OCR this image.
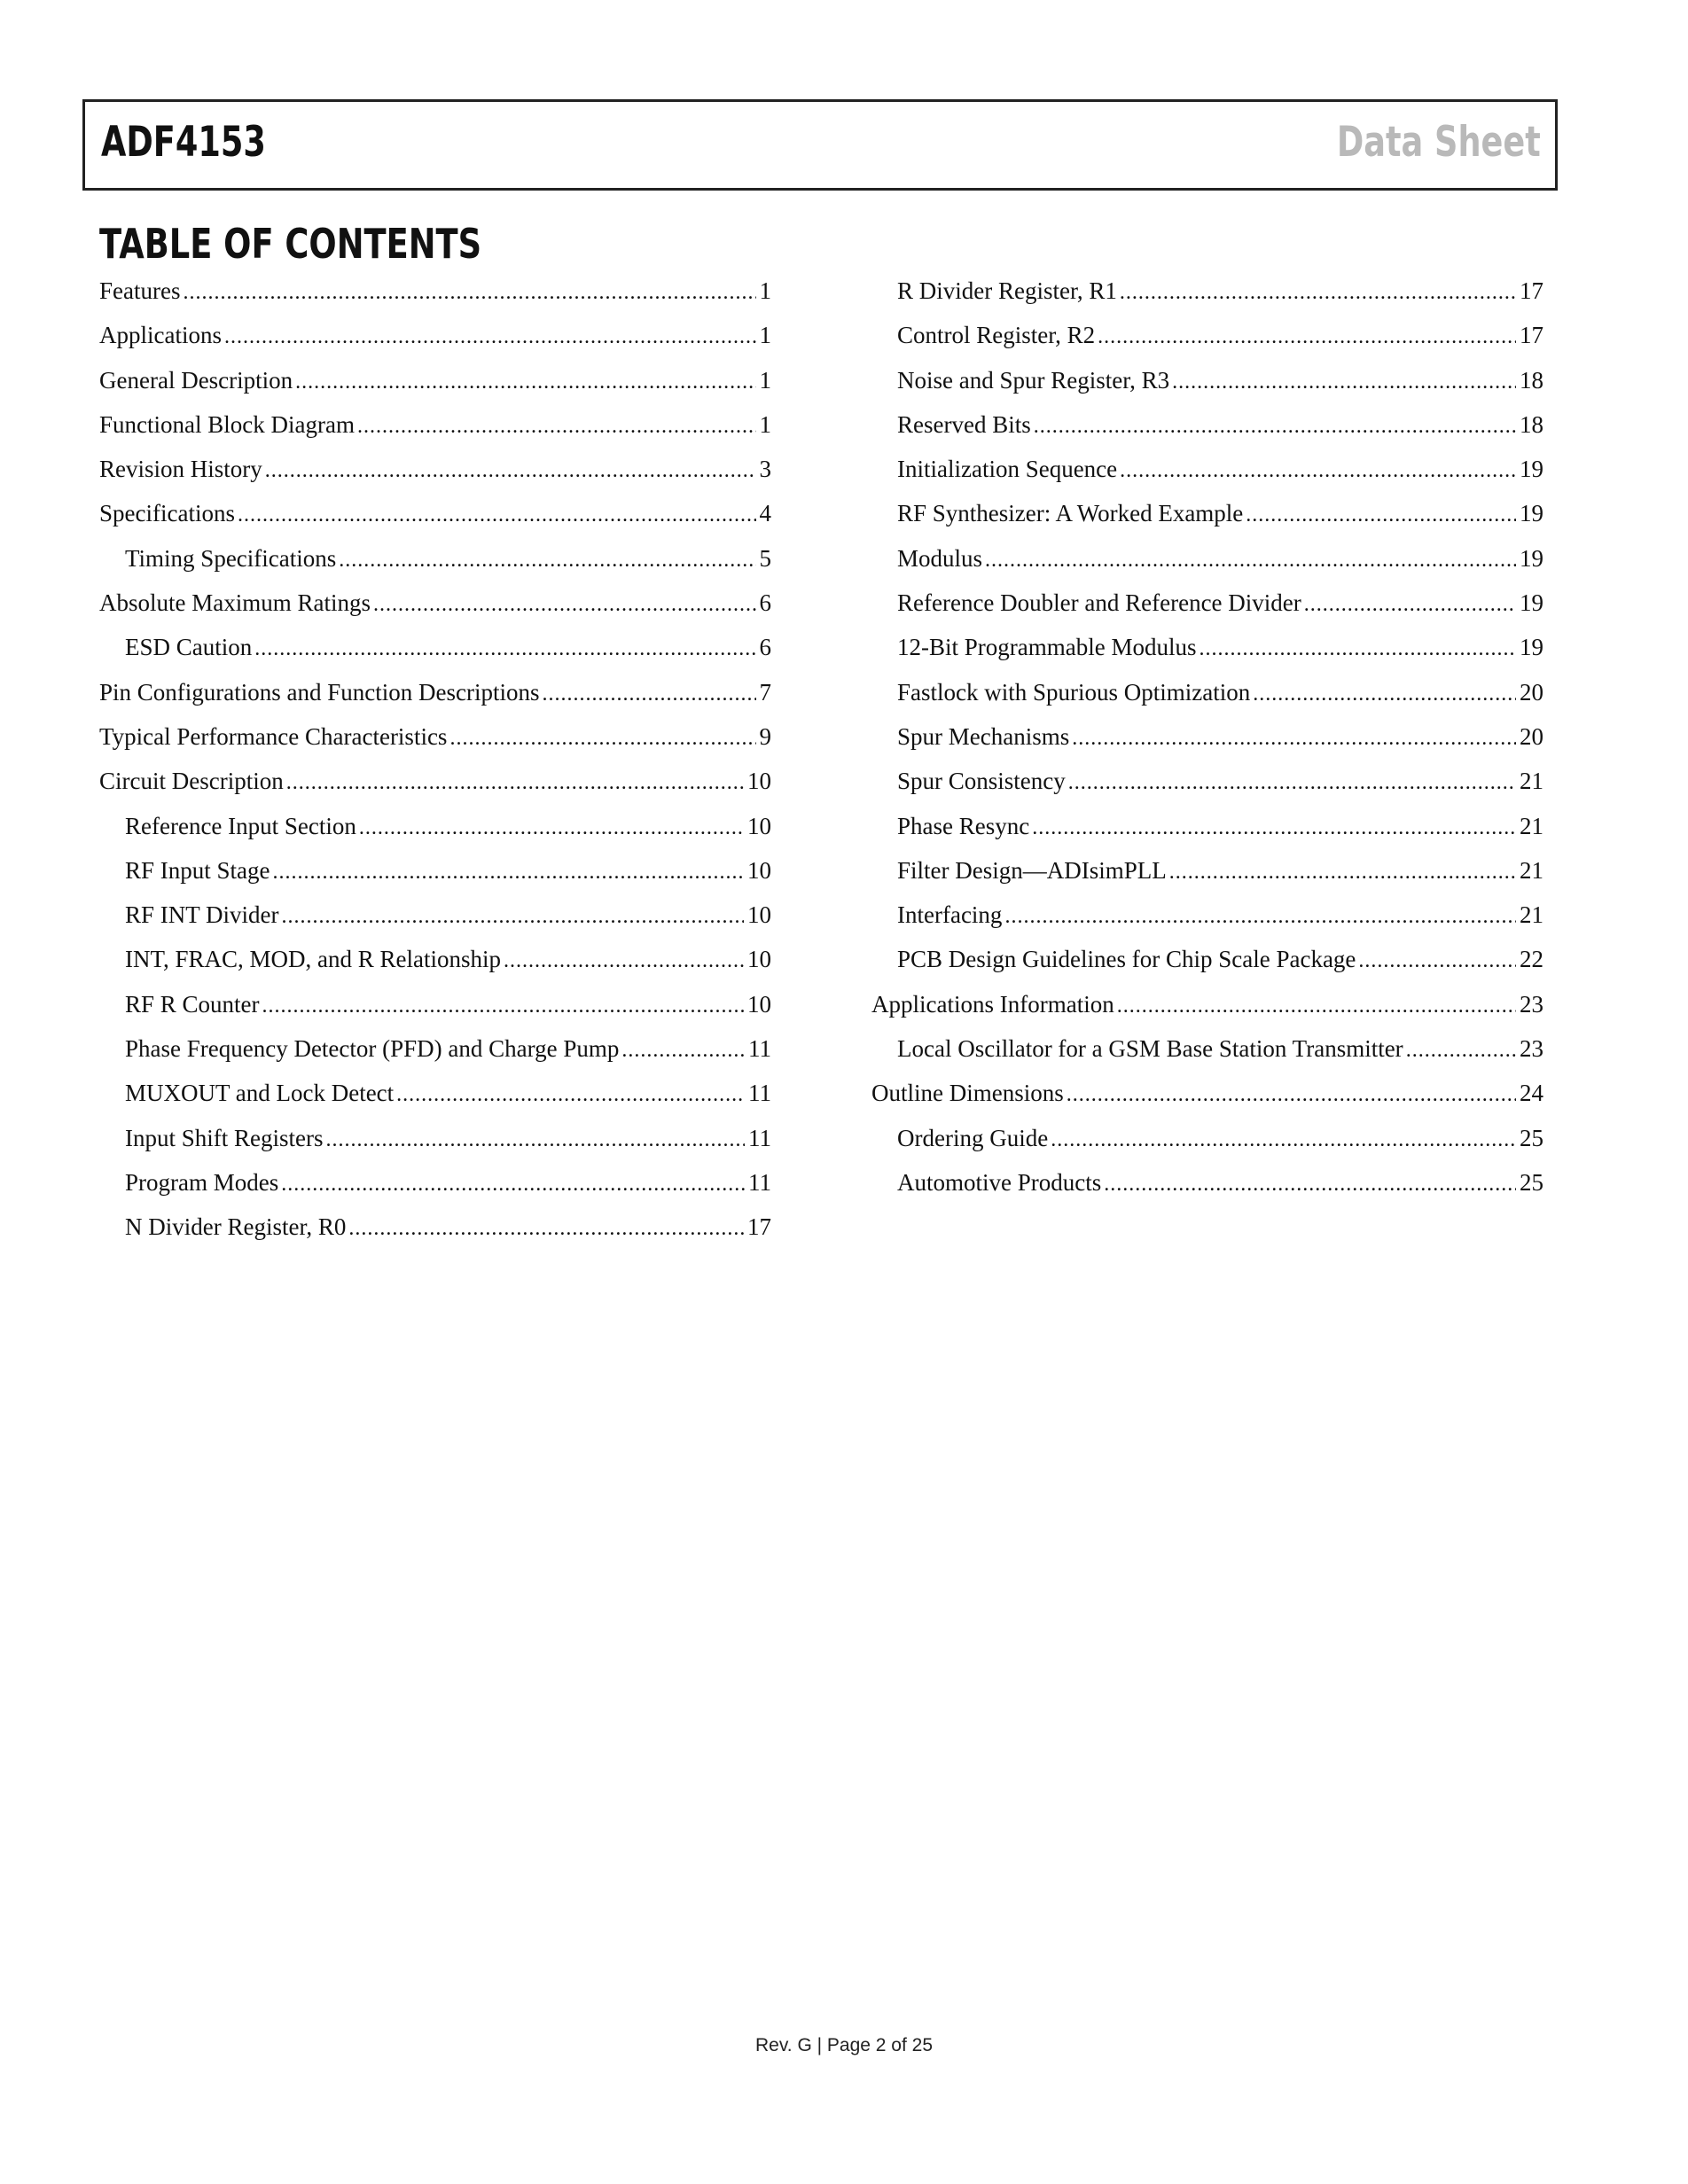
ADF4153	Data Sheet
TABLE OF CONTENTS
Features .....	1
Applications .....	1
General Description .....	1
Functional Block Diagram .....	1
Revision History .....	3
Specifications .....	4
Timing Specifications .....	5
Absolute Maximum Ratings .....	6
ESD Caution .....	6
Pin Configurations and Function Descriptions .....	7
Typical Performance Characteristics .....	9
Circuit Description .....	10
Reference Input Section .....	10
RF Input Stage .....	10
RF INT Divider .....	10
INT, FRAC, MOD, and R Relationship .....	10
RF R Counter .....	10
Phase Frequency Detector (PFD) and Charge Pump .....	11
MUXOUT and Lock Detect .....	11
Input Shift Registers .....	11
Program Modes .....	11
N Divider Register, R0 .....	17
R Divider Register, R1 .....	17
Control Register, R2 .....	17
Noise and Spur Register, R3 .....	18
Reserved Bits .....	18
Initialization Sequence .....	19
RF Synthesizer: A Worked Example .....	19
Modulus .....	19
Reference Doubler and Reference Divider .....	19
12-Bit Programmable Modulus .....	19
Fastlock with Spurious Optimization .....	20
Spur Mechanisms .....	20
Spur Consistency .....	21
Phase Resync .....	21
Filter Design—ADIsimPLL .....	21
Interfacing .....	21
PCB Design Guidelines for Chip Scale Package .....	22
Applications Information .....	23
Local Oscillator for a GSM Base Station Transmitter .....	23
Outline Dimensions .....	24
Ordering Guide .....	25
Automotive Products .....	25
Rev. G | Page 2 of 25
